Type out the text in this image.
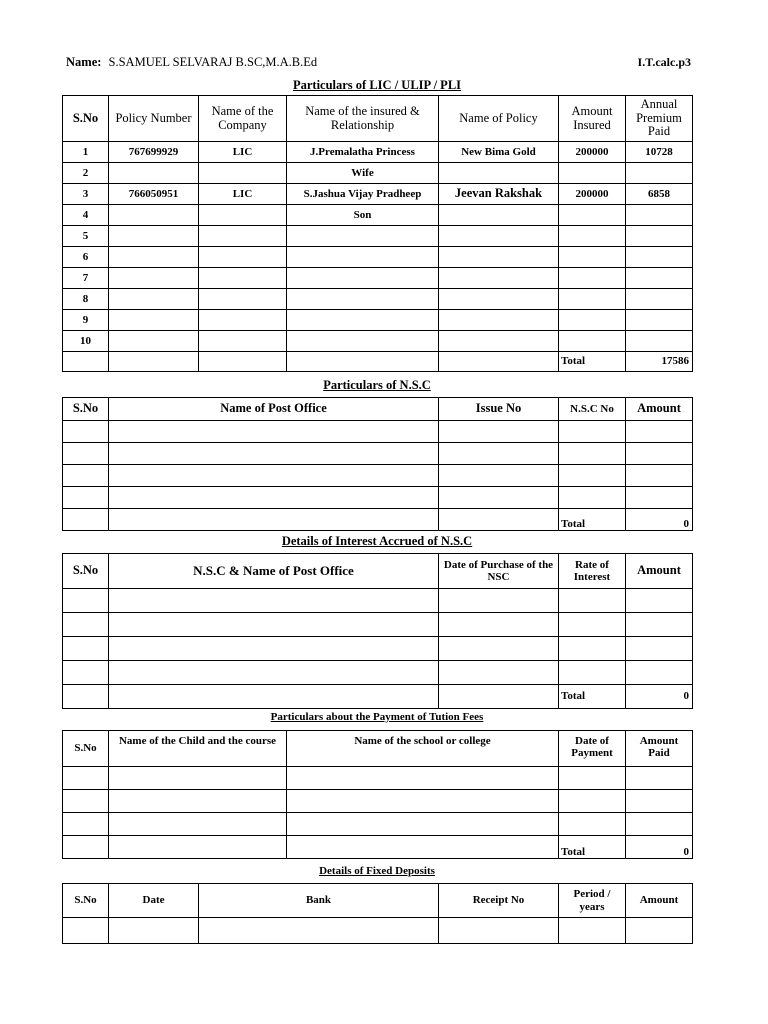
Name: S.SAMUEL SELVARAJ B.SC,M.A.B.Ed	I.T.calc.p3
Particulars of LIC / ULIP / PLI
S.No	Policy Number	Name of the Company	Name of the insured & Relationship	Name of Policy	Amount Insured	Annual Premium Paid
1	767699929	LIC	J.Premalatha Princess	New Bima Gold	200000	10728
2			Wife			
3	766050951	LIC	S.Jashua Vijay Pradheep	Jeevan Rakshak	200000	6858
4			Son			
5						
6						
7						
8						
9						
10						
					Total	17586
Particulars of N.S.C
S.No	Name of Post Office	Issue No	N.S.C No	Amount

			Total	0
Details of Interest Accrued of N.S.C
S.No	N.S.C & Name of Post Office	Date of Purchase of the NSC	Rate of Interest	Amount

			Total	0
Particulars about the Payment of Tution Fees
S.No	Name of the Child and the course	Name of the school or college	Date of Payment	Amount Paid

			Total	0
Details of Fixed Deposits
S.No	Date	Bank	Receipt No	Period / years	Amount
